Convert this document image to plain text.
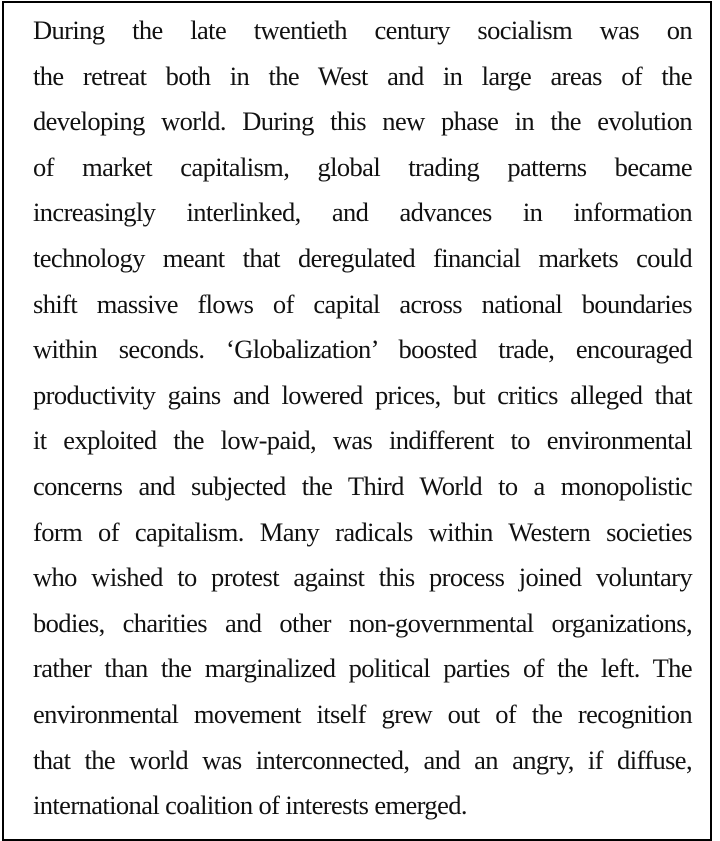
During the late twentieth century socialism was on
the retreat both in the West and in large areas of the
developing world. During this new phase in the evolution
of market capitalism, global trading patterns became
increasingly interlinked, and advances in information
technology meant that deregulated financial markets could
shift massive flows of capital across national boundaries
within seconds. ‘Globalization’ boosted trade, encouraged
productivity gains and lowered prices, but critics alleged that
it exploited the low-paid, was indifferent to environmental
concerns and subjected the Third World to a monopolistic
form of capitalism. Many radicals within Western societies
who wished to protest against this process joined voluntary
bodies, charities and other non-governmental organizations,
rather than the marginalized political parties of the left. The
environmental movement itself grew out of the recognition
that the world was interconnected, and an angry, if diffuse,
international coalition of interests emerged.
